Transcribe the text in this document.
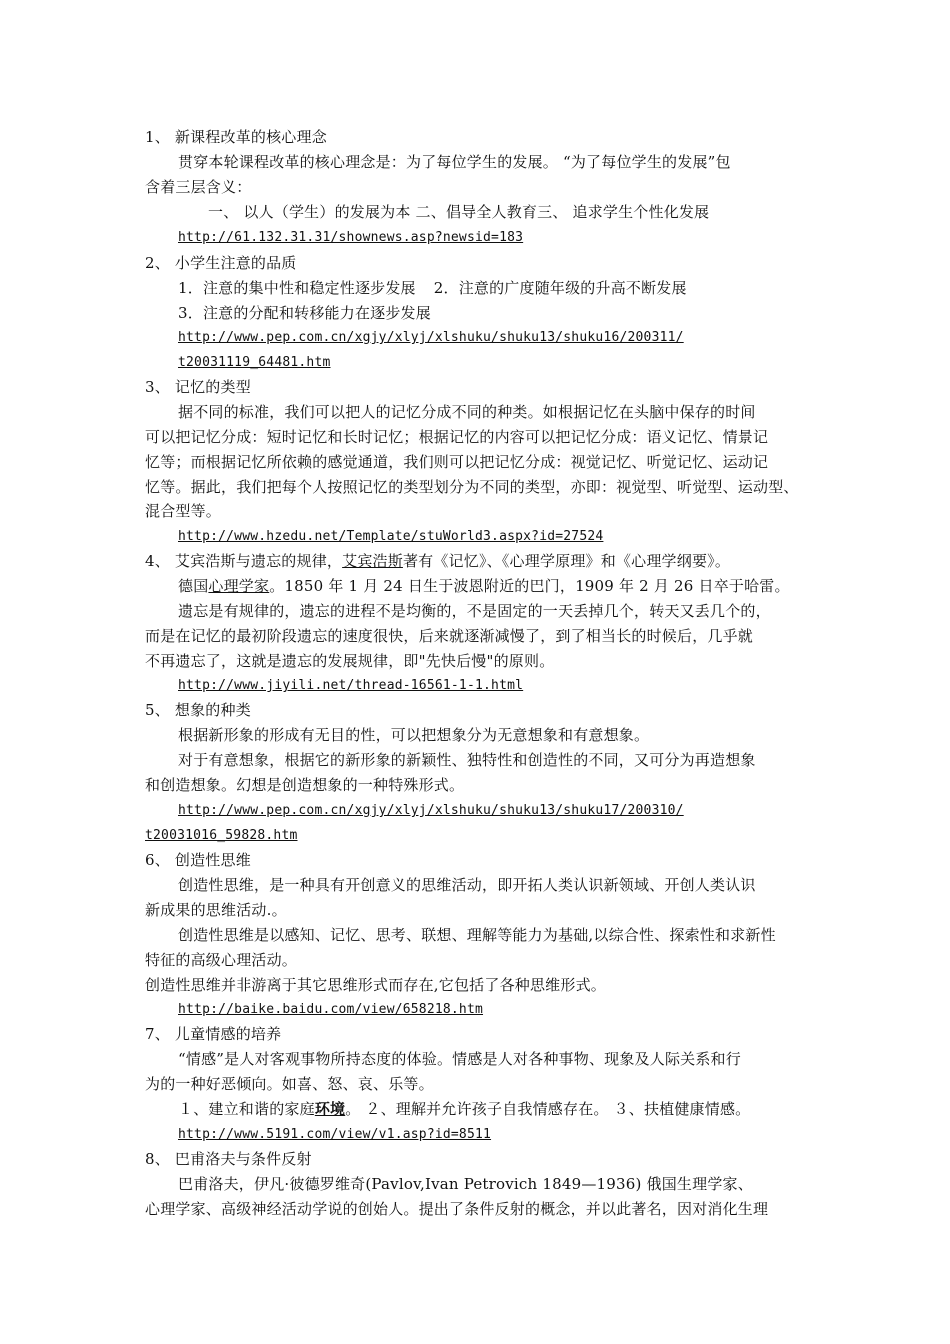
1、 新课程改革的核心理念
贯穿本轮课程改革的核心理念是：为了每位学生的发展。 “为了每位学生的发展”包
含着三层含义：
一、 以人（学生）的发展为本 二、倡导全人教育三、 追求学生个性化发展
http://61.132.31.31/shownews.asp?newsid=183
2、 小学生注意的品质
1．注意的集中性和稳定性逐步发展 2．注意的广度随年级的升高不断发展
3．注意的分配和转移能力在逐步发展
http://www.pep.com.cn/xgjy/xlyj/xlshuku/shuku13/shuku16/200311/
t20031119_64481.htm
3、 记忆的类型
据不同的标准，我们可以把人的记忆分成不同的种类。如根据记忆在头脑中保存的时间
可以把记忆分成：短时记忆和长时记忆；根据记忆的内容可以把记忆分成：语义记忆、情景记
忆等；而根据记忆所依赖的感觉通道，我们则可以把记忆分成：视觉记忆、听觉记忆、运动记
忆等。据此，我们把每个人按照记忆的类型划分为不同的类型，亦即：视觉型、听觉型、运动型、
混合型等。
http://www.hzedu.net/Template/stuWorld3.aspx?id=27524
4、 艾宾浩斯与遗忘的规律，艾宾浩斯著有《记忆》、《心理学原理》和《心理学纲要》。
德国心理学家。1850 年 1 月 24 日生于波恩附近的巴门，1909 年 2 月 26 日卒于哈雷。
遗忘是有规律的，遗忘的进程不是均衡的，不是固定的一天丢掉几个，转天又丢几个的，
而是在记忆的最初阶段遗忘的速度很快，后来就逐渐减慢了，到了相当长的时候后，几乎就
不再遗忘了，这就是遗忘的发展规律，即"先快后慢"的原则。
http://www.jiyili.net/thread-16561-1-1.html
5、 想象的种类
根据新形象的形成有无目的性，可以把想象分为无意想象和有意想象。
对于有意想象，根据它的新形象的新颖性、独特性和创造性的不同，又可分为再造想象
和创造想象。幻想是创造想象的一种特殊形式。
http://www.pep.com.cn/xgjy/xlyj/xlshuku/shuku13/shuku17/200310/
t20031016_59828.htm
6、 创造性思维
创造性思维，是一种具有开创意义的思维活动，即开拓人类认识新领域、开创人类认识
新成果的思维活动.。
创造性思维是以感知、记忆、思考、联想、理解等能力为基础,以综合性、探索性和求新性
特征的高级心理活动。
创造性思维并非游离于其它思维形式而存在,它包括了各种思维形式。
http://baike.baidu.com/view/658218.htm
7、 儿童情感的培养
“情感”是人对客观事物所持态度的体验。情感是人对各种事物、现象及人际关系和行
为的一种好恶倾向。如喜、怒、哀、乐等。
１、建立和谐的家庭环境。 ２、理解并允许孩子自我情感存在。 ３、扶植健康情感。
http://www.5191.com/view/v1.asp?id=8511
8、 巴甫洛夫与条件反射
巴甫洛夫，伊凡·彼德罗维奇(Pavlov,Ivan Petrovich 1849—1936) 俄国生理学家、
心理学家、高级神经活动学说的创始人。提出了条件反射的概念，并以此著名，因对消化生理
